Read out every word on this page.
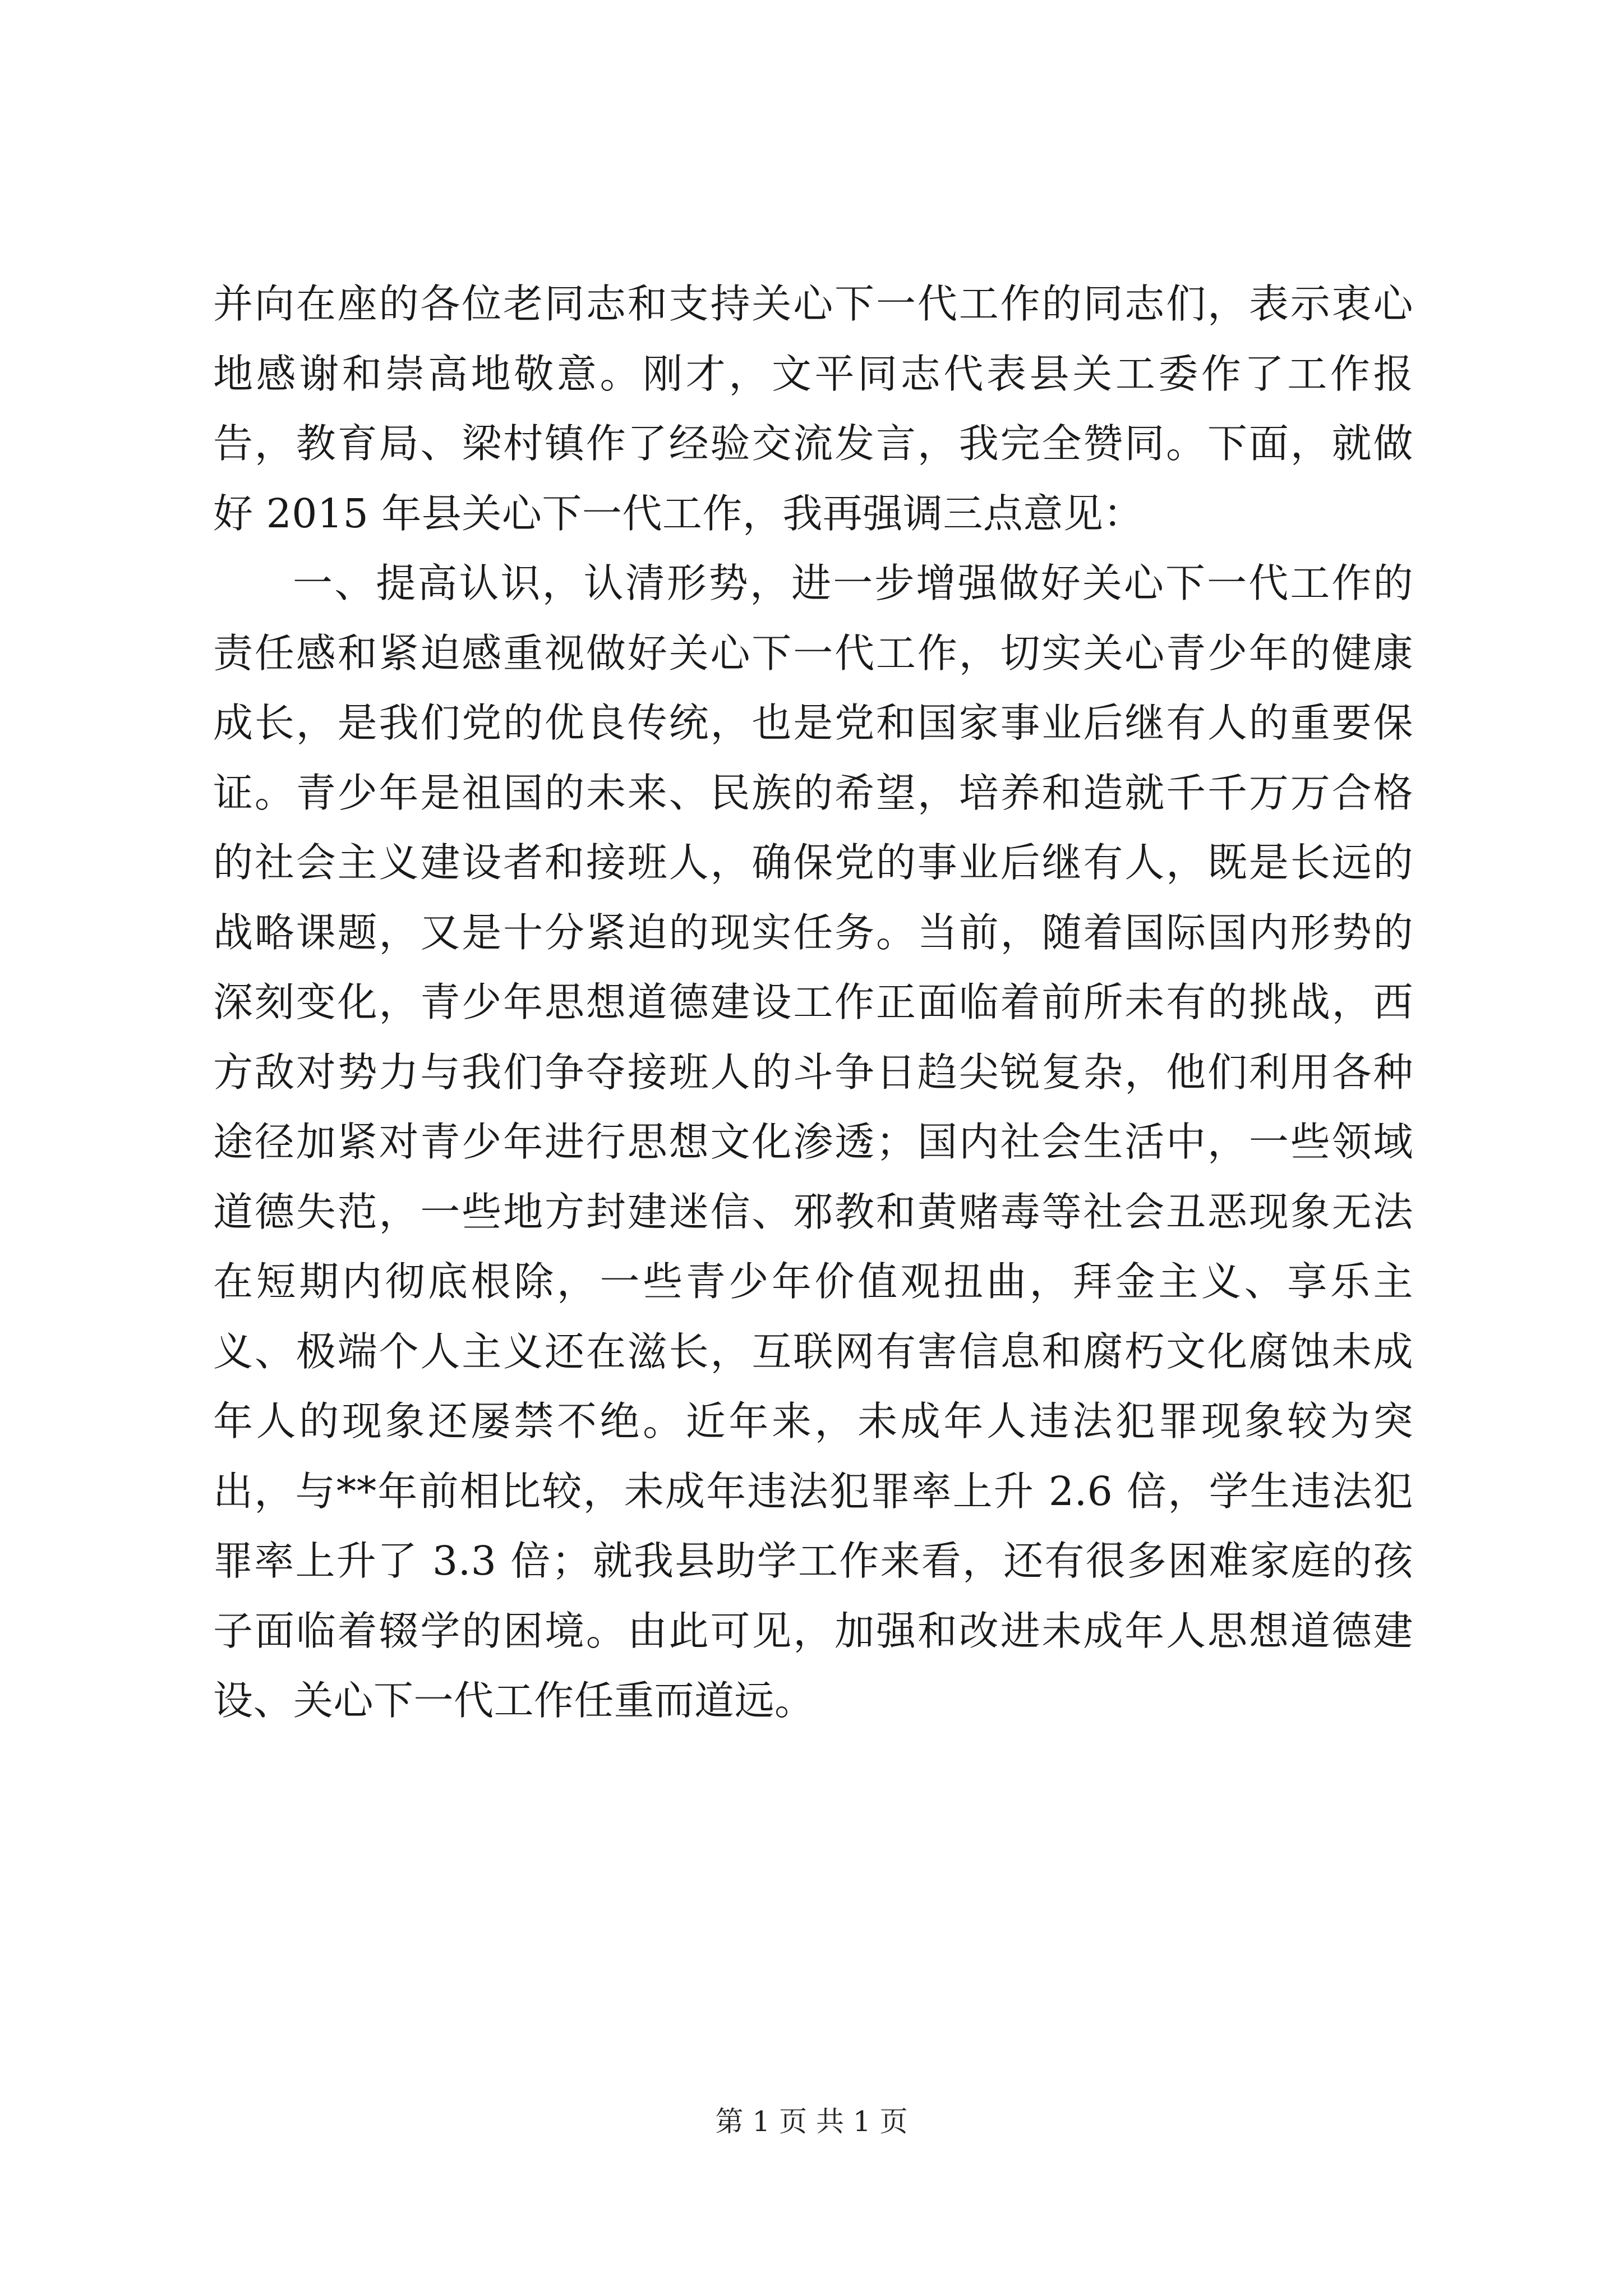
并向在座的各位老同志和支持关心下一代工作的同志们，表示衷心地感谢和崇高地敬意。刚才，文平同志代表县关工委作了工作报告，教育局、梁村镇作了经验交流发言，我完全赞同。下面，就做好 2015 年县关心下一代工作，我再强调三点意见：

一、提高认识，认清形势，进一步增强做好关心下一代工作的责任感和紧迫感重视做好关心下一代工作，切实关心青少年的健康成长，是我们党的优良传统，也是党和国家事业后继有人的重要保证。青少年是祖国的未来、民族的希望，培养和造就千千万万合格的社会主义建设者和接班人，确保党的事业后继有人，既是长远的战略课题，又是十分紧迫的现实任务。当前，随着国际国内形势的深刻变化，青少年思想道德建设工作正面临着前所未有的挑战，西方敌对势力与我们争夺接班人的斗争日趋尖锐复杂，他们利用各种途径加紧对青少年进行思想文化渗透；国内社会生活中，一些领域道德失范，一些地方封建迷信、邪教和黄赌毒等社会丑恶现象无法在短期内彻底根除，一些青少年价值观扭曲，拜金主义、享乐主义、极端个人主义还在滋长，互联网有害信息和腐朽文化腐蚀未成年人的现象还屡禁不绝。近年来，未成年人违法犯罪现象较为突出，与**年前相比较，未成年违法犯罪率上升 2.6 倍，学生违法犯罪率上升了 3.3 倍；就我县助学工作来看，还有很多困难家庭的孩子面临着辍学的困境。由此可见，加强和改进未成年人思想道德建设、关心下一代工作任重而道远。

第 1 页 共 1 页
